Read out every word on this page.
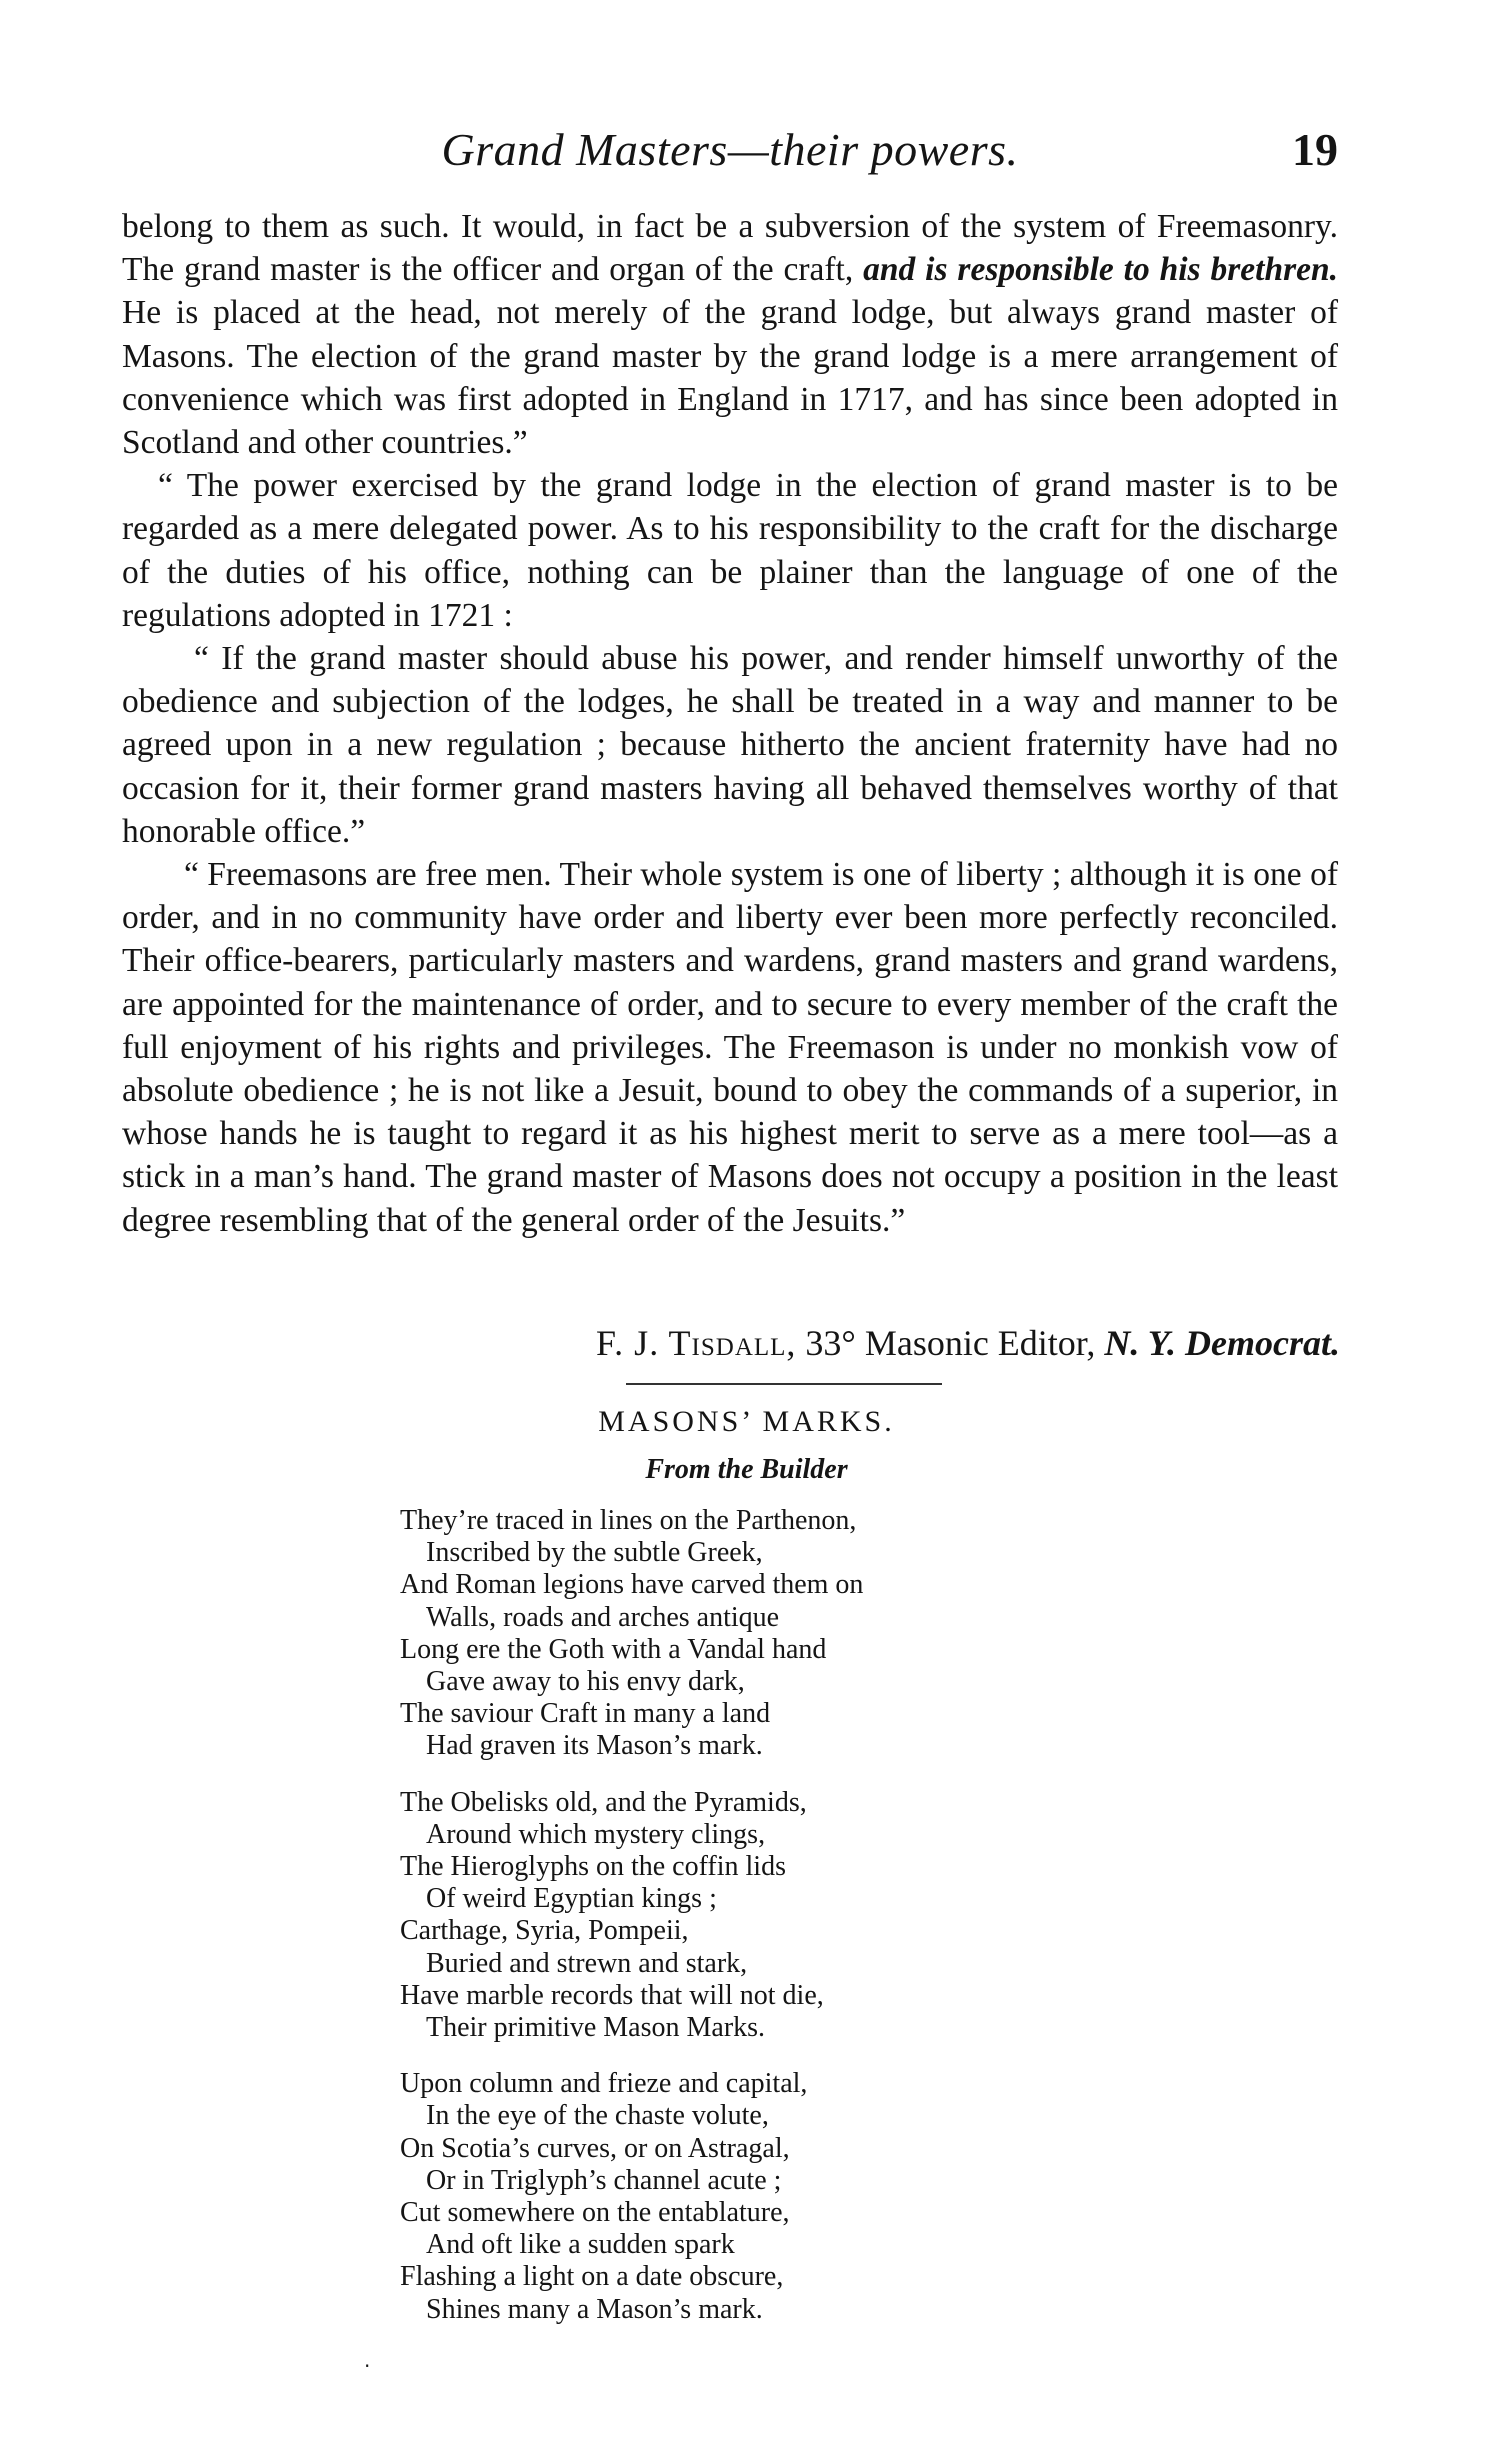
Grand Masters—their powers.	19

belong to them as such. It would, in fact be a subversion of the system of Freemasonry. The grand master is the officer and organ of the craft, and is responsible to his brethren. He is placed at the head, not merely of the grand lodge, but always grand master of Masons. The election of the grand master by the grand lodge is a mere arrangement of convenience which was first adopted in England in 1717, and has since been adopted in Scotland and other countries.”

“ The power exercised by the grand lodge in the election of grand master is to be regarded as a mere delegated power. As to his responsibility to the craft for the discharge of the duties of his office, nothing can be plainer than the language of one of the regulations adopted in 1721 :

“ If the grand master should abuse his power, and render himself unworthy of the obedience and subjection of the lodges, he shall be treated in a way and manner to be agreed upon in a new regulation ; because hitherto the ancient fraternity have had no occasion for it, their former grand masters having all behaved themselves worthy of that honorable office.”

“ Freemasons are free men. Their whole system is one of liberty ; although it is one of order, and in no community have order and liberty ever been more perfectly reconciled. Their office-bearers, particularly masters and wardens, grand masters and grand wardens, are appointed for the maintenance of order, and to secure to every member of the craft the full enjoyment of his rights and privileges. The Freemason is under no monkish vow of absolute obedience ; he is not like a Jesuit, bound to obey the commands of a superior, in whose hands he is taught to regard it as his highest merit to serve as a mere tool—as a stick in a man’s hand. The grand master of Masons does not occupy a position in the least degree resembling that of the general order of the Jesuits.”

F. J. Tisdall, 33° Masonic Editor, N. Y. Democrat.
MASONS’ MARKS.
From the Builder
They’re traced in lines on the Parthenon,
Inscribed by the subtle Greek,
And Roman legions have carved them on
Walls, roads and arches antique
Long ere the Goth with a Vandal hand
Gave away to his envy dark,
The saviour Craft in many a land
Had graven its Mason’s mark.
The Obelisks old, and the Pyramids,
Around which mystery clings,
The Hieroglyphs on the coffin lids
Of weird Egyptian kings ;
Carthage, Syria, Pompeii,
Buried and strewn and stark,
Have marble records that will not die,
Their primitive Mason Marks.
Upon column and frieze and capital,
In the eye of the chaste volute,
On Scotia’s curves, or on Astragal,
Or in Triglyph’s channel acute ;
Cut somewhere on the entablature,
And oft like a sudden spark
Flashing a light on a date obscure,
Shines many a Mason’s mark.
‧
